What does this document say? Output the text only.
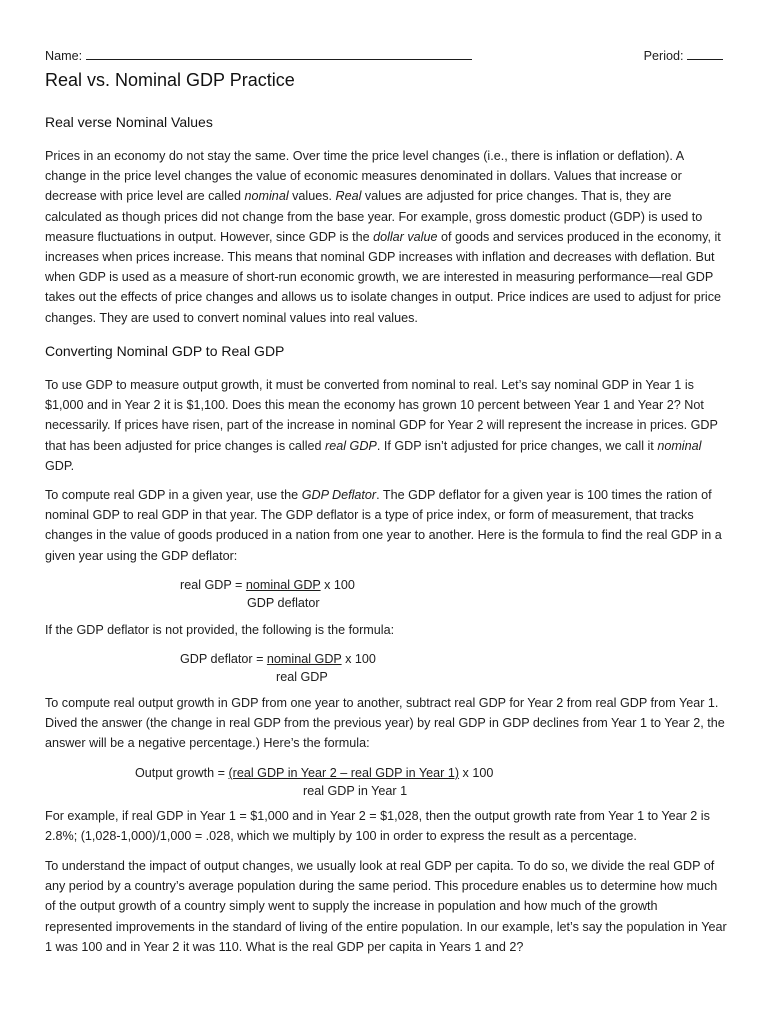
Name:	Period:
Real vs. Nominal GDP Practice
Real verse Nominal Values

Prices in an economy do not stay the same. Over time the price level changes (i.e., there is inflation or deflation). A change in the price level changes the value of economic measures denominated in dollars. Values that increase or decrease with price level are called nominal values. Real values are adjusted for price changes. That is, they are calculated as though prices did not change from the base year. For example, gross domestic product (GDP) is used to measure fluctuations in output. However, since GDP is the dollar value of goods and services produced in the economy, it increases when prices increase. This means that nominal GDP increases with inflation and decreases with deflation. But when GDP is used as a measure of short-run economic growth, we are interested in measuring performance—real GDP takes out the effects of price changes and allows us to isolate changes in output. Price indices are used to adjust for price changes. They are used to convert nominal values into real values.

Converting Nominal GDP to Real GDP

To use GDP to measure output growth, it must be converted from nominal to real. Let’s say nominal GDP in Year 1 is $1,000 and in Year 2 it is $1,100. Does this mean the economy has grown 10 percent between Year 1 and Year 2? Not necessarily. If prices have risen, part of the increase in nominal GDP for Year 2 will represent the increase in prices. GDP that has been adjusted for price changes is called real GDP. If GDP isn’t adjusted for price changes, we call it nominal GDP.

To compute real GDP in a given year, use the GDP Deflator. The GDP deflator for a given year is 100 times the ration of nominal GDP to real GDP in that year. The GDP deflator is a type of price index, or form of measurement, that tracks changes in the value of goods produced in a nation from one year to another. Here is the formula to find the real GDP in a given year using the GDP deflator:

real GDP = nominal GDP x 100
GDP deflator

If the GDP deflator is not provided, the following is the formula:

GDP deflator = nominal GDP x 100
real GDP

To compute real output growth in GDP from one year to another, subtract real GDP for Year 2 from real GDP from Year 1. Dived the answer (the change in real GDP from the previous year) by real GDP in GDP declines from Year 1 to Year 2, the answer will be a negative percentage.) Here’s the formula:

Output growth = (real GDP in Year 2 – real GDP in Year 1) x 100
real GDP in Year 1

For example, if real GDP in Year 1 = $1,000 and in Year 2 = $1,028, then the output growth rate from Year 1 to Year 2 is 2.8%; (1,028-1,000)/1,000 = .028, which we multiply by 100 in order to express the result as a percentage.

To understand the impact of output changes, we usually look at real GDP per capita. To do so, we divide the real GDP of any period by a country’s average population during the same period. This procedure enables us to determine how much of the output growth of a country simply went to supply the increase in population and how much of the growth represented improvements in the standard of living of the entire population. In our example, let’s say the population in Year 1 was 100 and in Year 2 it was 110. What is the real GDP per capita in Years 1 and 2?
